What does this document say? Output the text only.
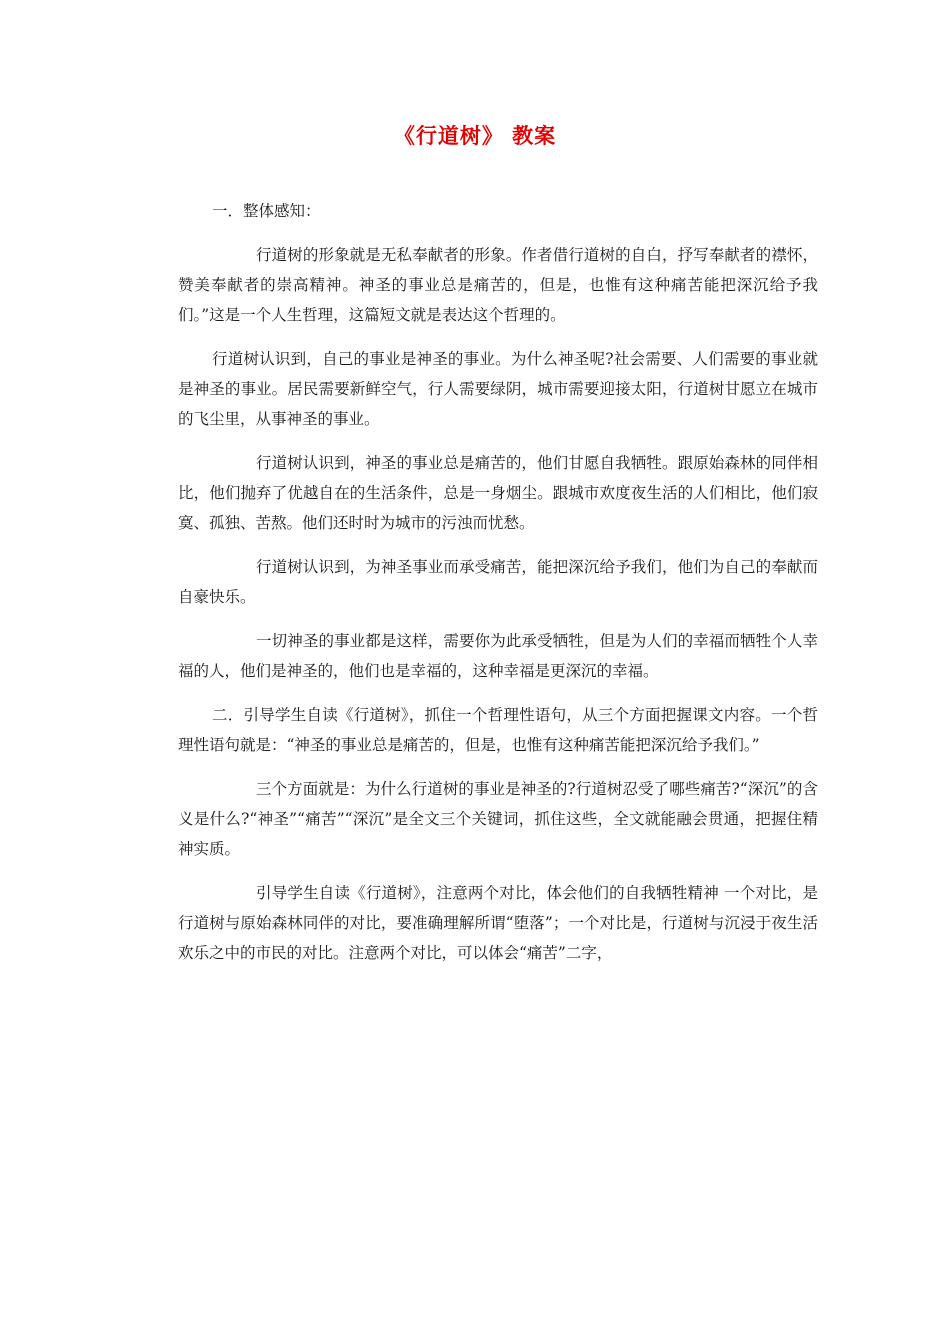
《行道树》 教案

一．整体感知：

行道树的形象就是无私奉献者的形象。作者借行道树的自白，抒写奉献者的襟怀，赞美奉献者的崇高精神。神圣的事业总是痛苦的，但是，也惟有这种痛苦能把深沉给予我们。”这是一个人生哲理，这篇短文就是表达这个哲理的。

行道树认识到，自己的事业是神圣的事业。为什么神圣呢?社会需要、人们需要的事业就是神圣的事业。居民需要新鲜空气，行人需要绿阴，城市需要迎接太阳，行道树甘愿立在城市的飞尘里，从事神圣的事业。

行道树认识到，神圣的事业总是痛苦的，他们甘愿自我牺牲。跟原始森林的同伴相比，他们抛弃了优越自在的生活条件，总是一身烟尘。跟城市欢度夜生活的人们相比，他们寂寞、孤独、苦熬。他们还时时为城市的污浊而忧愁。

行道树认识到，为神圣事业而承受痛苦，能把深沉给予我们，他们为自己的奉献而自豪快乐。

一切神圣的事业都是这样，需要你为此承受牺牲，但是为人们的幸福而牺牲个人幸福的人，他们是神圣的，他们也是幸福的，这种幸福是更深沉的幸福。

二．引导学生自读《行道树》，抓住一个哲理性语句，从三个方面把握课文内容。一个哲理性语句就是：“神圣的事业总是痛苦的，但是，也惟有这种痛苦能把深沉给予我们。”

三个方面就是：为什么行道树的事业是神圣的?行道树忍受了哪些痛苦?“深沉”的含义是什么?“神圣”“痛苦”“深沉”是全文三个关键词，抓住这些，全文就能融会贯通，把握住精神实质。

引导学生自读《行道树》，注意两个对比，体会他们的自我牺牲精神 一个对比，是行道树与原始森林同伴的对比，要准确理解所谓“堕落”；一个对比是，行道树与沉浸于夜生活欢乐之中的市民的对比。注意两个对比，可以体会“痛苦”二字，
